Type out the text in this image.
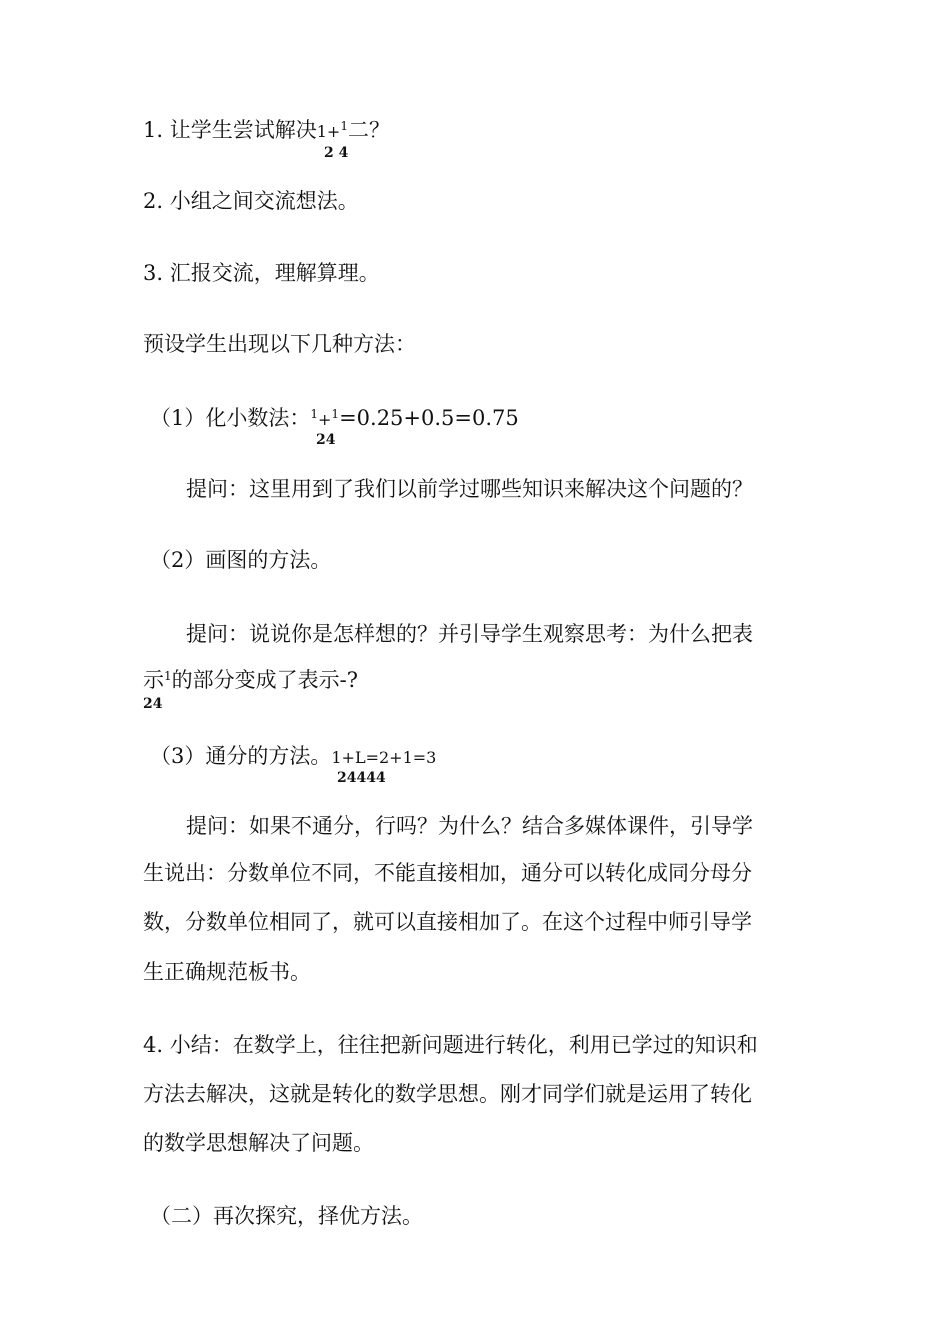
1. 让学生尝试解决1+$^1$二？
2 4
2. 小组之间交流想法。
3. 汇报交流，理解算理。
预设学生出现以下几种方法：
（1）化小数法：$^1$+$^1$=0.25+0.5=0.75
24
提问：这里用到了我们以前学过哪些知识来解决这个问题的？
（2）画图的方法。
提问：说说你是怎样想的？并引导学生观察思考：为什么把表
示$^1$的部分变成了表示-?
24
（3）通分的方法。1+L=2+1=3
24444
提问：如果不通分，行吗？为什么？结合多媒体课件，引导学
生说出：分数单位不同，不能直接相加，通分可以转化成同分母分
数，分数单位相同了，就可以直接相加了。在这个过程中师引导学
生正确规范板书。
4. 小结：在数学上，往往把新问题进行转化，利用已学过的知识和
方法去解决，这就是转化的数学思想。刚才同学们就是运用了转化
的数学思想解决了问题。
（二）再次探究，择优方法。
